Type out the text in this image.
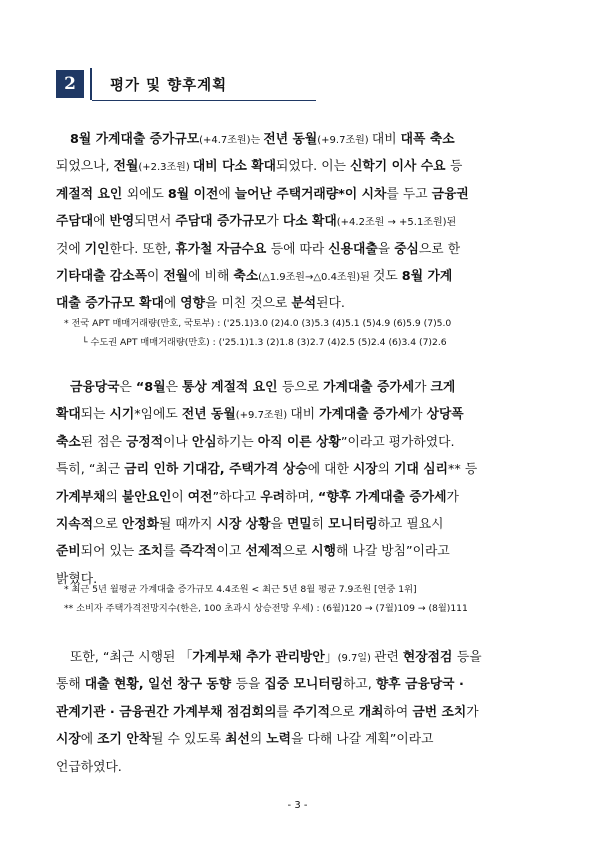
2	평가 및 향후계획
8월 가계대출 증가규모(+4.7조원)는 전년 동월(+9.7조원) 대비 대폭 축소
되었으나, 전월(+2.3조원) 대비 다소 확대되었다. 이는 신학기 이사 수요 등
계절적 요인 외에도 8월 이전에 늘어난 주택거래량*이 시차를 두고 금융권
주담대에 반영되면서 주담대 증가규모가 다소 확대(+4.2조원 → +5.1조원)된
것에 기인한다. 또한, 휴가철 자금수요 등에 따라 신용대출을 중심으로 한
기타대출 감소폭이 전월에 비해 축소(△1.9조원→△0.4조원)된 것도 8월 가계
대출 증가규모 확대에 영향을 미친 것으로 분석된다.
* 전국 APT 매매거래량(만호, 국토부) : ('25.1)3.0 (2)4.0 (3)5.3 (4)5.1 (5)4.9 (6)5.9 (7)5.0
└ 수도권 APT 매매거래량(만호) : ('25.1)1.3 (2)1.8 (3)2.7 (4)2.5 (5)2.4 (6)3.4 (7)2.6
금융당국은 “8월은 통상 계절적 요인 등으로 가계대출 증가세가 크게
확대되는 시기*임에도 전년 동월(+9.7조원) 대비 가계대출 증가세가 상당폭
축소된 점은 긍정적이나 안심하기는 아직 이른 상황”이라고 평가하였다.
특히, “최근 금리 인하 기대감, 주택가격 상승에 대한 시장의 기대 심리** 등
가계부채의 불안요인이 여전”하다고 우려하며, “향후 가계대출 증가세가
지속적으로 안정화될 때까지 시장 상황을 면밀히 모니터링하고 필요시
준비되어 있는 조치를 즉각적이고 선제적으로 시행해 나갈 방침”이라고
밝혔다.
* 최근 5년 월평균 가계대출 증가규모 4.4조원 < 최근 5년 8월 평균 7.9조원 [연중 1위]
** 소비자 주택가격전망지수(한은, 100 초과시 상승전망 우세) : (6월)120 → (7월)109 → (8월)111
또한, “최근 시행된 「가계부채 추가 관리방안」(9.7일) 관련 현장점검 등을
통해 대출 현황, 일선 창구 동향 등을 집중 모니터링하고, 향후 금융당국 ·
관계기관 · 금융권간 가계부채 점검회의를 주기적으로 개최하여 금번 조치가
시장에 조기 안착될 수 있도록 최선의 노력을 다해 나갈 계획”이라고
언급하였다.
- 3 -
